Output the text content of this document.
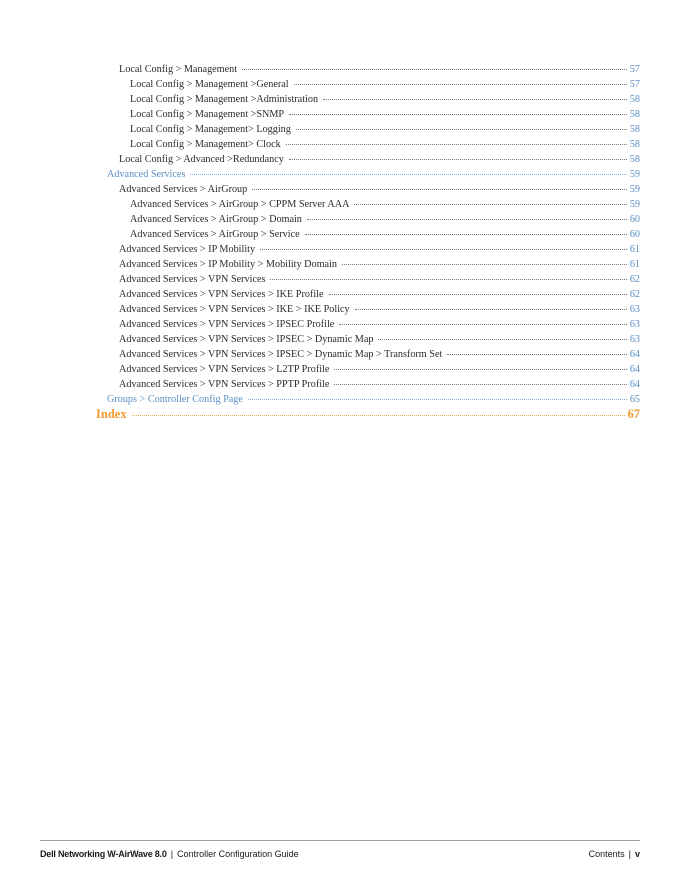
Local Config > Management	57
Local Config > Management >General	57
Local Config > Management >Administration	58
Local Config > Management >SNMP	58
Local Config > Management> Logging	58
Local Config > Management> Clock	58
Local Config > Advanced >Redundancy	58
Advanced Services	59
Advanced Services > AirGroup	59
Advanced Services > AirGroup > CPPM Server AAA	59
Advanced Services > AirGroup > Domain	60
Advanced Services > AirGroup > Service	60
Advanced Services > IP Mobility	61
Advanced Services > IP Mobility > Mobility Domain	61
Advanced Services > VPN Services	62
Advanced Services > VPN Services > IKE Profile	62
Advanced Services > VPN Services > IKE > IKE Policy	63
Advanced Services > VPN Services > IPSEC Profile	63
Advanced Services > VPN Services > IPSEC > Dynamic Map	63
Advanced Services > VPN Services > IPSEC > Dynamic Map > Transform Set	64
Advanced Services > VPN Services > L2TP Profile	64
Advanced Services > VPN Services > PPTP Profile	64
Groups > Controller Config Page	65
Index	67
Dell Networking W-AirWave 8.0 | Controller Configuration Guide	Contents | v
